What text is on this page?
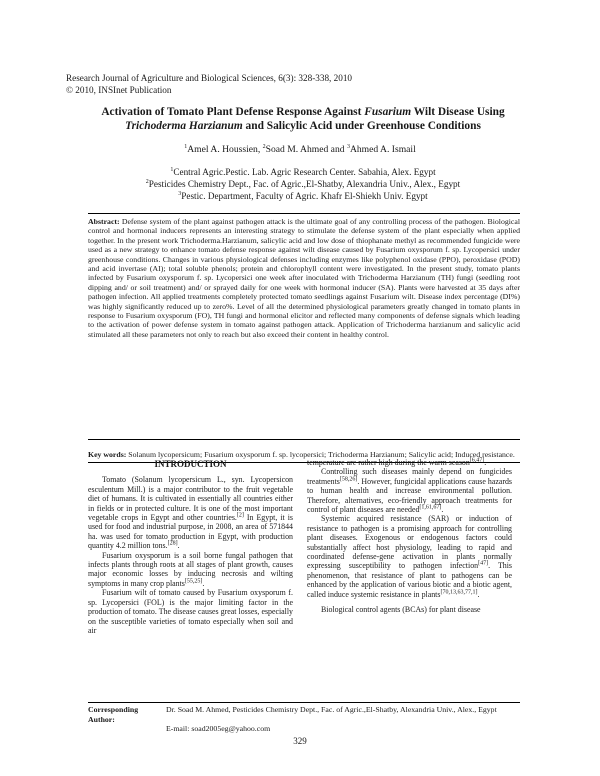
Research Journal of Agriculture and Biological Sciences, 6(3): 328-338, 2010
© 2010, INSInet Publication
Activation of Tomato Plant Defense Response Against Fusarium Wilt Disease Using
Trichoderma Harzianum and Salicylic Acid under Greenhouse Conditions
$^1$Amel A. Houssien, $^2$Soad M. Ahmed and $^3$Ahmed A. Ismail
$^1$Central Agric.Pestic. Lab. Agric Research Center. Sabahia, Alex. Egypt
$^2$Pesticides Chemistry Dept., Fac. of Agric.,El-Shatby, Alexandria Univ., Alex., Egypt
$^3$Pestic. Department, Faculty of Agric. Khafr El-Shiekh Univ. Egypt

Abstract: Defense system of the plant against pathogen attack is the ultimate goal of any controlling process of the pathogen. Biological control and hormonal inducers represents an interesting strategy to stimulate the defense system of the plant especially when applied together. In the present work Trichoderma.Harzianum, salicylic acid and low dose of thiophanate methyl as recommended fungicide were used as a new strategy to enhance tomato defense response against wilt disease caused by Fusarium oxysporum f. sp. Lycopersici under greenhouse conditions. Changes in various physiological defenses including enzymes like polyphenol oxidase (PPO), peroxidase (POD) and acid invertase (AI); total soluble phenols; protein and chlorophyll content were investigated. In the present study, tomato plants infected by Fusarium oxysporum f. sp. Lycopersici one week after inoculated with Trichoderma Harzianum (TH) fungi (seedling root dipping and/ or soil treatment) and/ or sprayed daily for one week with hormonal inducer (SA). Plants were harvested at 35 days after pathogen infection. All applied treatments completely protected tomato seedlings against Fusarium wilt. Disease index percentage (DI%) was highly significantly reduced up to zero%. Level of all the determined physiological parameters greatly changed in tomato plants in response to Fusarium oxysporum (FO), TH fungi and hormonal elicitor and reflected many components of defense signals which leading to the activation of power defense system in tomato against pathogen attack. Application of Trichoderma harzianum and salicylic acid stimulated all these parameters not only to reach but also exceed their content in healthy control.

Key words: Solanum lycopersicum; Fusarium oxysporum f. sp. lycopersici; Trichoderma Harzianum; Salicylic acid; Induced resistance.

INTRODUCTION

Tomato (Solanum lycopersicum L., syn. Lycopersicon esculentum Mill.) is a major contributor to the fruit vegetable diet of humans. It is cultivated in essentially all countries either in fields or in protected culture. It is one of the most important vegetable crops in Egypt and other countries.[2] In Egypt, it is used for food and industrial purpose, in 2008, an area of 571844 ha. was used for tomato production in Egypt, with production quantity 4.2 million tons.[28].

Fusarium oxysporum is a soil borne fungal pathogen that infects plants through roots at all stages of plant growth, causes major economic losses by inducing necrosis and wilting symptoms in many crop plants[55,25].

Fusarium wilt of tomato caused by Fusarium oxysporum f. sp. Lycopersici (FOL) is the major limiting factor in the production of tomato. The disease causes great losses, especially on the susceptible varieties of tomato especially when soil and air

temperature are rather high during the warm season[6,47].

Controlling such diseases mainly depend on fungicides treatments[58,26]. However, fungicidal applications cause hazards to human health and increase environmental pollution. Therefore, alternatives, eco-friendly approach treatments for control of plant diseases are needed[1,61,67].

Systemic acquired resistance (SAR) or induction of resistance to pathogen is a promising approach for controlling plant diseases. Exogenous or endogenous factors could substantially affect host physiology, leading to rapid and coordinated defense-gene activation in plants normally expressing susceptibility to pathogen infection[47]. This phenomenon, that resistance of plant to pathogens can be enhanced by the application of various biotic and a biotic agent, called induce systemic resistance in plants[70,13,63,77,1].

Biological control agents (BCAs) for plant disease

Corresponding Author:Dr. Soad M. Ahmed, Pesticides Chemistry Dept., Fac. of Agric.,El-Shatby, Alexandria Univ., Alex., Egypt
E-mail: soad2005eg@yahoo.com
329
